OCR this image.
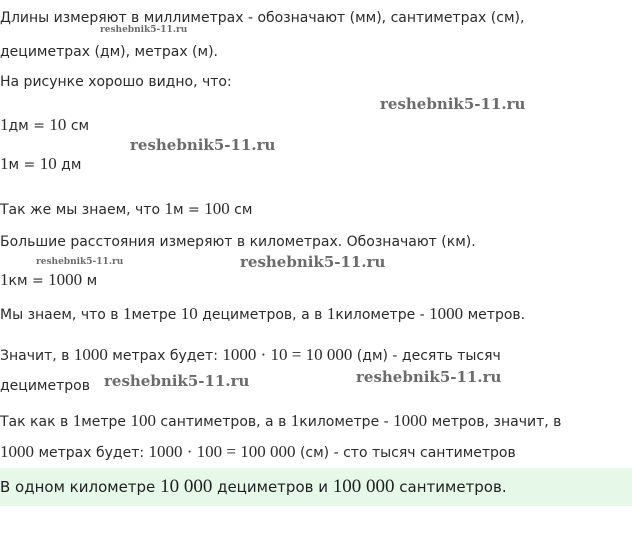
Длины измеряют в миллиметрах - обозначают (мм), сантиметрах (см),
дециметрах (дм), метрах (м).
На рисунке хорошо видно, что:
1дм = 10 см
1м = 10 дм
Так же мы знаем, что 1м = 100 см
Большие расстояния измеряют в километрах. Обозначают (км).
1км = 1000 м
Мы знаем, что в 1метре 10 дециметров, а в 1километре - 1000 метров.
Значит, в 1000 метрах будет: 1000 · 10 = 10 000 (дм) - десять тысяч
дециметров
Так как в 1метре 100 сантиметров, а в 1километре - 1000 метров, значит, в
1000 метрах будет: 1000 · 100 = 100 000 (см) - сто тысяч сантиметров
В одном километре 10 000 дециметров и 100 000 сантиметров.
reshebnik5-11.ru
reshebnik5-11.ru
reshebnik5-11.ru
reshebnik5-11.ru	reshebnik5-11.ru
reshebnik5-11.ru	reshebnik5-11.ru
